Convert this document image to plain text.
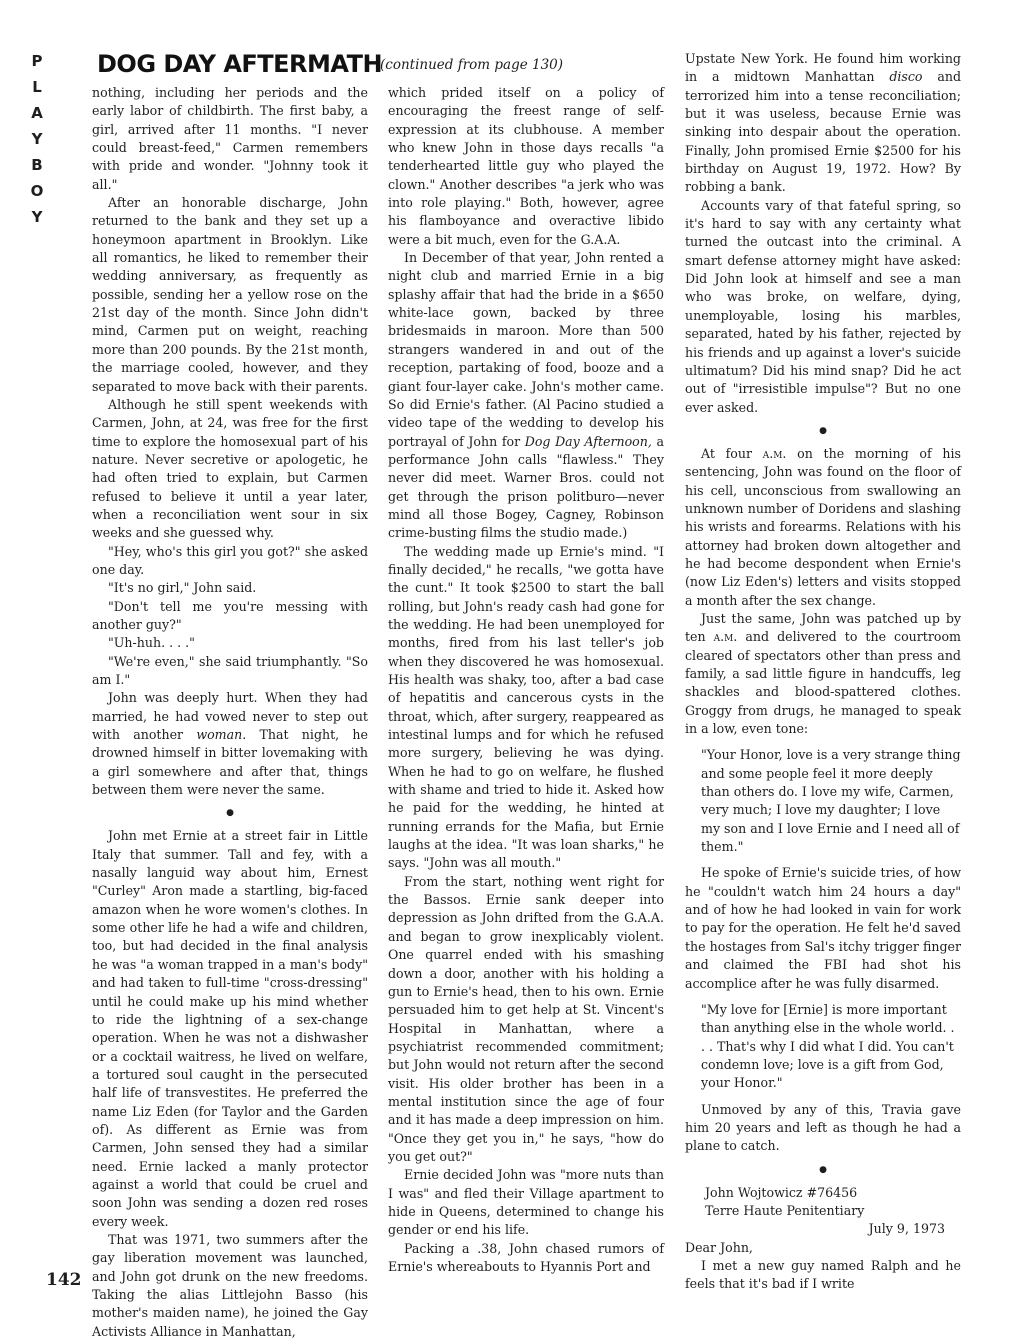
PLAYBOY
DOG DAY AFTERMATH
(continued from page 130)

nothing, including her periods and the early labor of childbirth. The first baby, a girl, arrived after 11 months. "I never could breast-feed," Carmen remembers with pride and wonder. "Johnny took it all."

After an honorable discharge, John returned to the bank and they set up a honeymoon apartment in Brooklyn. Like all romantics, he liked to remember their wedding anniversary, as frequently as possible, sending her a yellow rose on the 21st day of the month. Since John didn't mind, Carmen put on weight, reaching more than 200 pounds. By the 21st month, the marriage cooled, however, and they separated to move back with their parents.

Although he still spent weekends with Carmen, John, at 24, was free for the first time to explore the homosexual part of his nature. Never secretive or apologetic, he had often tried to explain, but Carmen refused to believe it until a year later, when a reconciliation went sour in six weeks and she guessed why.

"Hey, who's this girl you got?" she asked one day.

"It's no girl," John said.

"Don't tell me you're messing with another guy?"

"Uh-huh. . . ."

"We're even," she said triumphantly. "So am I."

John was deeply hurt. When they had married, he had vowed never to step out with another woman. That night, he drowned himself in bitter lovemaking with a girl somewhere and after that, things between them were never the same.

●

John met Ernie at a street fair in Little Italy that summer. Tall and fey, with a nasally languid way about him, Ernest "Curley" Aron made a startling, big-faced amazon when he wore women's clothes. In some other life he had a wife and children, too, but had decided in the final analysis he was "a woman trapped in a man's body" and had taken to full-time "cross-dressing" until he could make up his mind whether to ride the lightning of a sex-change operation. When he was not a dishwasher or a cocktail waitress, he lived on welfare, a tortured soul caught in the persecuted half life of transvestites. He preferred the name Liz Eden (for Taylor and the Garden of). As different as Ernie was from Carmen, John sensed they had a similar need. Ernie lacked a manly protector against a world that could be cruel and soon John was sending a dozen red roses every week.

That was 1971, two summers after the gay liberation movement was launched, and John got drunk on the new freedoms. Taking the alias Littlejohn Basso (his mother's maiden name), he joined the Gay Activists Alliance in Manhattan,

which prided itself on a policy of encouraging the freest range of self-expression at its clubhouse. A member who knew John in those days recalls "a tenderhearted little guy who played the clown." Another describes "a jerk who was into role playing." Both, however, agree his flamboyance and overactive libido were a bit much, even for the G.A.A.

In December of that year, John rented a night club and married Ernie in a big splashy affair that had the bride in a $650 white-lace gown, backed by three bridesmaids in maroon. More than 500 strangers wandered in and out of the reception, partaking of food, booze and a giant four-layer cake. John's mother came. So did Ernie's father. (Al Pacino studied a video tape of the wedding to develop his portrayal of John for Dog Day Afternoon, a performance John calls "flawless." They never did meet. Warner Bros. could not get through the prison politburo—never mind all those Bogey, Cagney, Robinson crime-busting films the studio made.)

The wedding made up Ernie's mind. "I finally decided," he recalls, "we gotta have the cunt." It took $2500 to start the ball rolling, but John's ready cash had gone for the wedding. He had been unemployed for months, fired from his last teller's job when they discovered he was homosexual. His health was shaky, too, after a bad case of hepatitis and cancerous cysts in the throat, which, after surgery, reappeared as intestinal lumps and for which he refused more surgery, believing he was dying. When he had to go on welfare, he flushed with shame and tried to hide it. Asked how he paid for the wedding, he hinted at running errands for the Mafia, but Ernie laughs at the idea. "It was loan sharks," he says. "John was all mouth."

From the start, nothing went right for the Bassos. Ernie sank deeper into depression as John drifted from the G.A.A. and began to grow inexplicably violent. One quarrel ended with his smashing down a door, another with his holding a gun to Ernie's head, then to his own. Ernie persuaded him to get help at St. Vincent's Hospital in Manhattan, where a psychiatrist recommended commitment; but John would not return after the second visit. His older brother has been in a mental institution since the age of four and it has made a deep impression on him. "Once they get you in," he says, "how do you get out?"

Ernie decided John was "more nuts than I was" and fled their Village apartment to hide in Queens, determined to change his gender or end his life.

Packing a .38, John chased rumors of Ernie's whereabouts to Hyannis Port and

Upstate New York. He found him working in a midtown Manhattan disco and terrorized him into a tense reconciliation; but it was useless, because Ernie was sinking into despair about the operation. Finally, John promised Ernie $2500 for his birthday on August 19, 1972. How? By robbing a bank.

Accounts vary of that fateful spring, so it's hard to say with any certainty what turned the outcast into the criminal. A smart defense attorney might have asked: Did John look at himself and see a man who was broke, on welfare, dying, unemployable, losing his marbles, separated, hated by his father, rejected by his friends and up against a lover's suicide ultimatum? Did his mind snap? Did he act out of "irresistible impulse"? But no one ever asked.

●

At four a.m. on the morning of his sentencing, John was found on the floor of his cell, unconscious from swallowing an unknown number of Doridens and slashing his wrists and forearms. Relations with his attorney had broken down altogether and he had become despondent when Ernie's (now Liz Eden's) letters and visits stopped a month after the sex change.

Just the same, John was patched up by ten a.m. and delivered to the courtroom cleared of spectators other than press and family, a sad little figure in handcuffs, leg shackles and blood-spattered clothes. Groggy from drugs, he managed to speak in a low, even tone:

"Your Honor, love is a very strange thing and some people feel it more deeply than others do. I love my wife, Carmen, very much; I love my daughter; I love my son and I love Ernie and I need all of them."

He spoke of Ernie's suicide tries, of how he "couldn't watch him 24 hours a day" and of how he had looked in vain for work to pay for the operation. He felt he'd saved the hostages from Sal's itchy trigger finger and claimed the FBI had shot his accomplice after he was fully disarmed.

"My love for [Ernie] is more important than anything else in the whole world. . . . That's why I did what I did. You can't condemn love; love is a gift from God, your Honor."

Unmoved by any of this, Travia gave him 20 years and left as though he had a plane to catch.

●

John Wojtowicz #76456

Terre Haute Penitentiary

July 9, 1973

Dear John,

I met a new guy named Ralph and he feels that it's bad if I write

142
